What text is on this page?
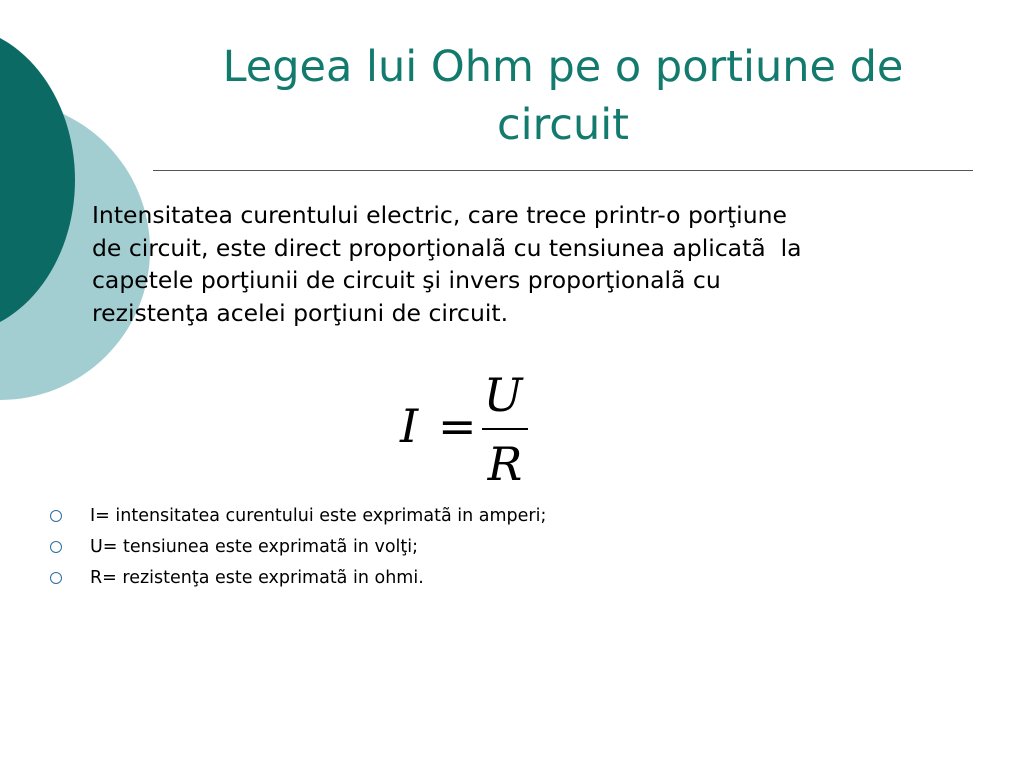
Legea lui Ohm pe o portiune de circuit

Intensitatea curentului electric, care trece printr-o porţiune
de circuit, este direct proporţionalã cu tensiunea aplicatã  la
capetele porţiunii de circuit şi invers proporţionalã cu
rezistenţa acelei porţiuni de circuit.

I =
U
R
I= intensitatea curentului este exprimatã in amperi;
U= tensiunea este exprimatã in volţi;
R= rezistenţa este exprimatã in ohmi.
